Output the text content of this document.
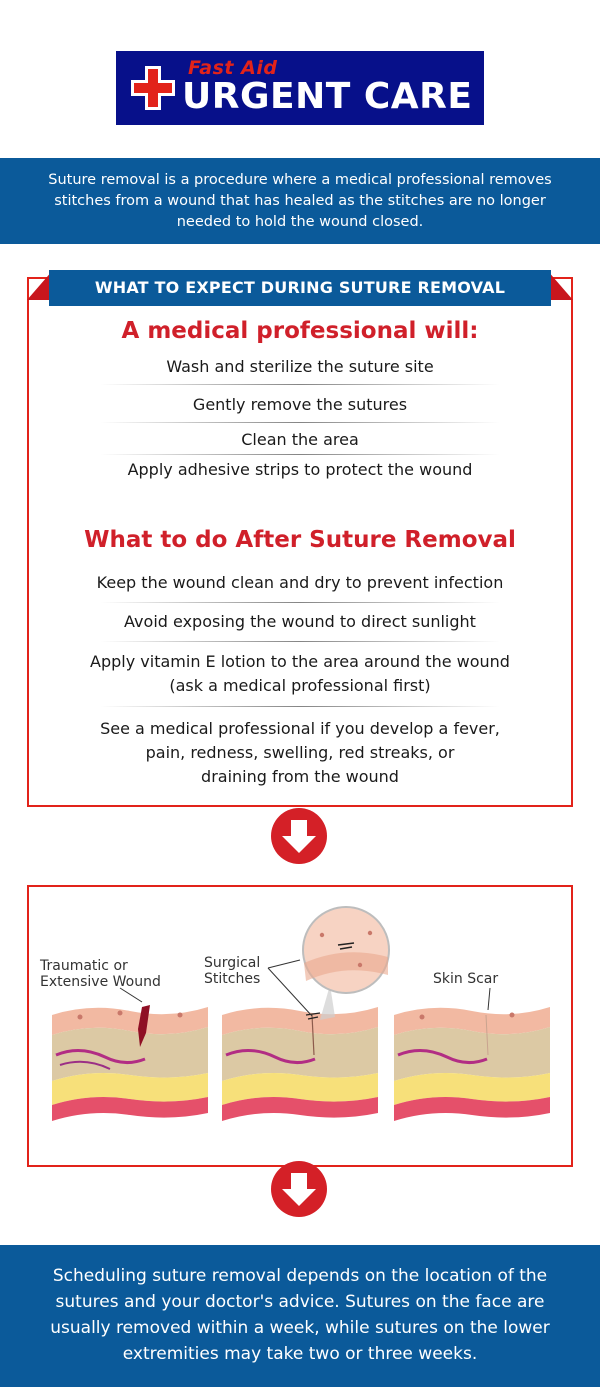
Fast Aid
URGENT CARE

Suture removal is a procedure where a medical professional removes stitches from a wound that has healed as the stitches are no longer needed to hold the wound closed.

WHAT TO EXPECT DURING SUTURE REMOVAL
A medical professional will:
Wash and sterilize the suture site
Gently remove the sutures
Clean the area
Apply adhesive strips to protect the wound
What to do After Suture Removal
Keep the wound clean and dry to prevent infection
Avoid exposing the wound to direct sunlight
Apply vitamin E lotion to the area around the wound
(ask a medical professional first)
See a medical professional if you develop a fever,
pain, redness, swelling, red streaks, or
draining from the wound
Traumatic or
Extensive Wound
Surgical
Stitches	Skin Scar

Scheduling suture removal depends on the location of the sutures and your doctor's advice. Sutures on the face are usually removed within a week, while sutures on the lower extremities may take two or three weeks.
